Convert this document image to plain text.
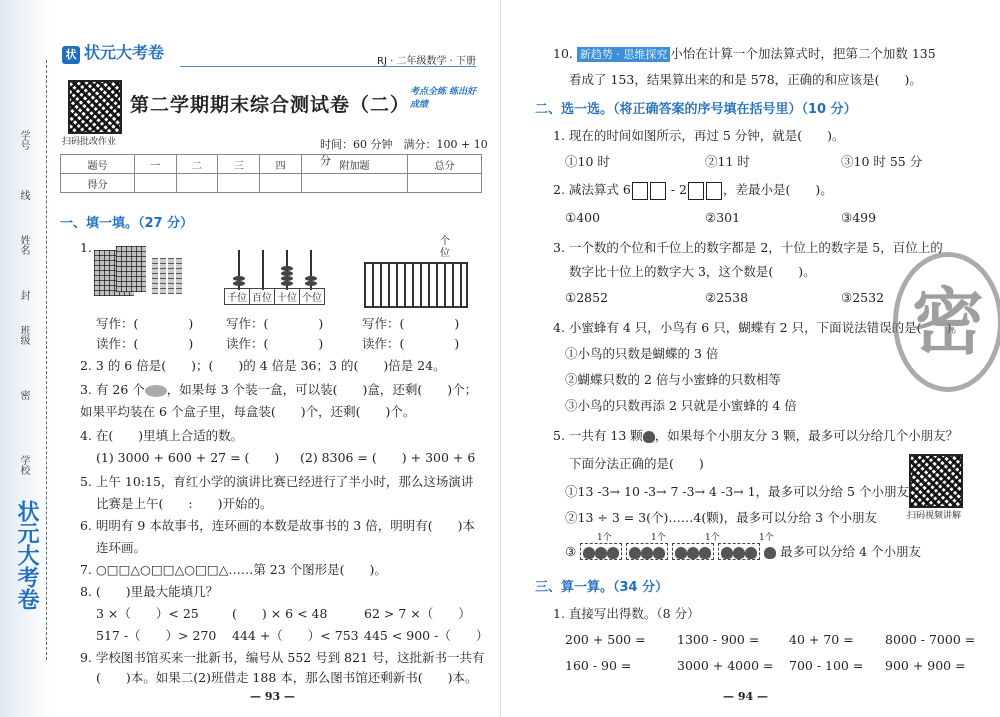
学号
线
姓名
封
班级
密
学校
状元大考卷
状 状元大考卷	RJ · 二年级数学 · 下册
扫码批改作业
第二学期期末综合测试卷（二）
考点全练 练出好成绩
时间：60 分钟　 满分：100 + 10 分
题号	一	二	三	四	附加题	总分
得分						
一、填一填。（27 分）
1.
千位	百位	十位	个位
个位
写作：(　　　　)	写作：(　　　　)	写作：(　　　　)
读作：(　　　　)	读作：(　　　　)	读作：(　　　　)
2. 3 的 6 倍是(　　)；(　　)的 4 倍是 36；3 的(　　)倍是 24。
3. 有 26 个 ，如果每 3 个装一盒，可以装(　　)盒，还剩(　　)个；
如果平均装在 6 个盒子里，每盒装(　　)个，还剩(　　)个。
4. 在(　　)里填上合适的数。
(1) 3000 + 600 + 27 = (　　) (2) 8306 = (　　) + 300 + 6
5. 上午 10:15，育红小学的演讲比赛已经进行了半小时，那么这场演讲
比赛是上午(　　:　　)开始的。
6. 明明有 9 本故事书，连环画的本数是故事书的 3 倍，明明有(　　)本
连环画。
7. ○□□△○□□△○□□△……第 23 个图形是(　　)。
8. (　　)里最大能填几？
3 ×（　　）< 25	(　　) × 6 < 48	62 > 7 ×（　　）
517 -（　　）> 270 444 +（　　）< 753 445 < 900 -（　　）
9. 学校图书馆买来一批新书，编号从 552 号到 821 号，这批新书一共有
(　　)本。如果二(2)班借走 188 本，那么图书馆还剩新书(　　)本。
— 93 —
10. 新趋势 · 思维探究 小怡在计算一个加法算式时，把第二个加数 135
看成了 153，结果算出来的和是 578，正确的和应该是(　　)。
二、选一选。（将正确答案的序号填在括号里）（10 分）
1. 现在的时间如图所示，再过 5 分钟，就是(　　)。
①10 时	②11 时	③10 时 55 分
2. 减法算式 6	- 2	，差最小是(　　)。
①400	②301	③499
3. 一个数的个位和千位上的数字都是 2，十位上的数字是 5，百位上的
数字比十位上的数字大 3，这个数是(　　)。
①2852	②2538	③2532
4. 小蜜蜂有 4 只，小鸟有 6 只，蝴蝶有 2 只，下面说法错误的是(　　)。
①小鸟的只数是蝴蝶的 3 倍
②蝴蝶只数的 2 倍与小蜜蜂的只数相等
③小鸟的只数再添 2 只就是小蜜蜂的 4 倍
5. 一共有 13 颗 ，如果每个小朋友分 3 颗，最多可以分给几个小朋友？
下面分法正确的是(　　)
①13 -3→ 10 -3→ 7 -3→ 4 -3→ 1，最多可以分给 5 个小朋友
②13 ÷ 3 = 3(个)……4(颗)，最多可以分给 3 个小朋友
③	最多可以分给 4 个小朋友
1个	1个	1个	1个
扫码视频讲解
三、算一算。（34 分）
1. 直接写出得数。（8 分）
200 + 500 =	1300 - 900 = 40 + 70 =	8000 - 7000 =
160 - 90 =	3000 + 4000 = 700 - 100 = 900 + 900 =
— 94 —
密
